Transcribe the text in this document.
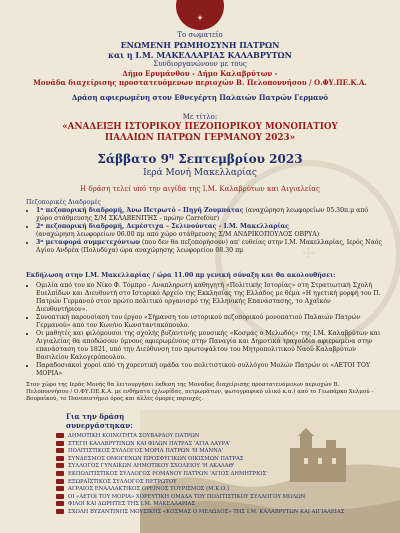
✦
☩
Το σωματείο
ΕΝΩΜΕΝΗ ΡΩΜΗΟΣΥΝΗ ΠΑΤΡΩΝ
και η Ι.Μ. ΜΑΚΕΛΛΑΡΙΑΣ ΚΑΛΑΒΡΥΤΩΝ
Συνδιοργανώνουν με τους
Δήμο Ερυμάνθου - Δήμο Καλαβρύτων -
Μονάδα διαχείρισης προστατευόμενων περιοχών Β. Πελοποννήσου / Ο.ΦΥ.ΠΕ.Κ.Α.
Δράση αφιερωμένη στον Εθνεγέρτη Παλαιών Πατρών Γερμανό
Με τίτλο:
«ΑΝΑΔΕΙΞΗ ΙΣΤΟΡΙΚΟΥ ΠΕΖΟΠΟΡΙΚΟΥ ΜΟΝΟΠΑΤΙΟΥ
ΠΑΛΑΙΩΝ ΠΑΤΡΩΝ ΓΕΡΜΑΝΟΥ 2023»
Σάββατο $9^\eta$ Σεπτεμβρίου 2023
Ιερά Μονή Μακελλαρίας
Η δράση τελεί υπό την αιγίδα της Ι.Μ. Καλαβρύτων και Αιγιαλείας
Πεζοπορικές Διαδρομές
• 1ⁿ πεζοπορική διαδρομή, Άνω Πετρωτό – Πηγή Ζουμπάτας (αναχώρηση λεωφορείων 05.30π.μ από χώρο στάθμευσης Σ/Μ ΣΚΛΑΒΕΝΙΤΗΣ - πρώην Carrefour)
• 2ⁿ πεζοπορική διαδρομή, Δεμέστιχα – Σελινούντας – Ι.Μ. Μακελλαρίας
(αναχώρηση λεωφορείων 06.00 πμ από χώρο στάθμευσης Σ/Μ ΑΝΔΡΙΚΟΠΟΥΛΟΣ ΟΒΡΥΑ)
• 3ⁿ μεταφορά συμμετεχόντων (που δεν θα πεζοπορήσουν) απ' ευθείας στην Ι.Μ. Μακελλαρίας, Ιερός Ναός Αγίου Ανδρέα (Πολυδύχα) ώρα αναχώρησης λεωφορείου 08.30 πμ
Εκδήλωση στην Ι.Μ. Μακελλαρίας / ώρα 11.00 πμ γενική σύναξη και θα ακολουθήσει:
• Ομιλία από τον κο Νίκο Φ. Τόμπρο - Αναπληρωτή καθηγητή «Πολιτικής Ιστορίας» στη Στρατιωτική Σχολή Ευελπίδων και Διευθυντή στο Ιστορικό Αρχείο της Εκκλησίας της Ελλάδος με θέμα «Η ηγετική μορφή του Π. Πατρών Γερμανού στον πρώτο πολιτικό οργανισμό της Ελληνικής Επανάστασης, το Αχαϊκόν Διευθυντήριον».
• Συνοπτική παρουσίαση του έργου «Σήμανση του ιστορικού πεζοπορικού μονοπατιού Παλαιών Πατρών Γερμανού» από τον Κων/νο Κωνσταντακόπουλο.
• Οι μαθητές και φιλόμουσοι της σχολής βυζαντινής μουσικής «Κοσμάς ο Μελωδός» της Ι.Μ. Καλαβρύτων και Αιγιαλείας θα αποδώσουν ύμνους αφιερωμένους στην Παναγία και Δημοτικά τραγούδια αφιερωμένα στην επανάσταση του 1821, υπό την Διεύθυνση του πρωτοψάλτου του Μητροπολιτικού Ναού Καλαβρύτων Βασιλείου Καλογερόπουλου.
• Παραδοσιακοί χοροί από τη χορευτική ομάδα του πολιτιστικού συλλόγου Μολών Πατρών οι «ΑΕΤΟΙ ΤΟΥ ΜΟΡΙΑ»
Στον χώρο της Ιεράς Μονής θα λειτουργήσει έκθεση της Μονάδος διαχείρισης προστατευόμενων περιοχών Β. Πελοποννήσου / Ο.ΦΥ.ΠΕ.Κ.Α. με ενθήματα (χλωρίδας, πετρωμάτων, φωτογραφικό υλικό κ.α.) από το Γεωπάρκο Χελμού - Βουραϊκού, το Πανεπιστήμιο όρος και άλλες όμορες περιοχές.
Για την δράση
συνεργάστηκαν:
ΔΗΜΟΤΙΚΗ ΚΟΙΝΟΤΗΤΑ ΣΟΥΒΑΡΔΟΥ ΠΑΤΡΩΝ
ΣΤΕΓΗ ΚΑΛΑΒΡΥΤΙΝΩΝ ΚΑΙ ΦΙΛΩΝ ΠΑΤΡΑΣ 'ΑΓΙΑ ΛΑΥΡΑ'
ΠΟΛΙΤΙΣΤΙΚΟΣ ΣΥΛΛΟΓΟΣ ΜΟΡΙΑ ΠΑΤΡΩΝ 'Η ΜΑΝΝΑ'
ΣΥΝΔΕΣΜΟΣ ΟΜΟΓΕΝΩΝ ΠΡΟΣΦΥΓΙΚΩΝ ΟΙΚΙΣΜΩΝ ΠΑΤΡΑΣ
ΣΥΛΛΟΓΟΣ ΓΥΝΑΙΚΩΝ ΔΗΜΟΤΙΚΟΥ ΣΧΟΛΕΙΟΥ 'Η ΑΚΑΛΑΘ'
ΕΚΠΟΛΙΤΙΣΤΙΚΟΣ ΣΥΛΛΟΓΟΣ ΡΟΜΑΝΟΥ ΠΑΤΡΩΝ 'ΑΓΙΟΣ ΔΗΜΗΤΡΙΟΣ'
ΕΞΩΡΑΪΣΤΙΚΟΣ ΣΥΛΛΟΓΟΣ ΠΕΤΡΩΤΟΥ
ΑΓΡΑΙΟΣ ΕΝΑΛΛΑΚΤΙΚΟΣ ΟΡΕΙΝΟΣ ΤΟΥΡΙΣΜΟΣ (Μ.Κ.Ο.)
ΟΙ «ΑΕΤΟΙ ΤΟΥ ΜΟΡΙΑ» ΧΟΡΕΥΤΙΚΗ ΟΜΑΔΑ ΤΟΥ ΠΟΛΙΤΙΣΤΙΚΟΥ ΣΥΛΛΟΓΟΥ ΜΟΛΩΝ
ΦΙΛΟΙ ΚΑΙ ΔΩΡΗΤΕΣ ΤΗΣ Ι.Μ. ΜΑΚΕΛΛΑΡΙΑΣ
ΣΧΟΛΗ ΒΥΖΑΝΤΙΝΗΣ ΜΟΥΣΙΚΗΣ «ΚΟΣΜΑΣ Ο ΜΕΛΩΔΟΣ» ΤΗΣ Ι.Μ. ΚΑΛΑΒΡΥΤΩΝ ΚΑΙ ΑΙΓΙΑΛΕΙΑΣ
